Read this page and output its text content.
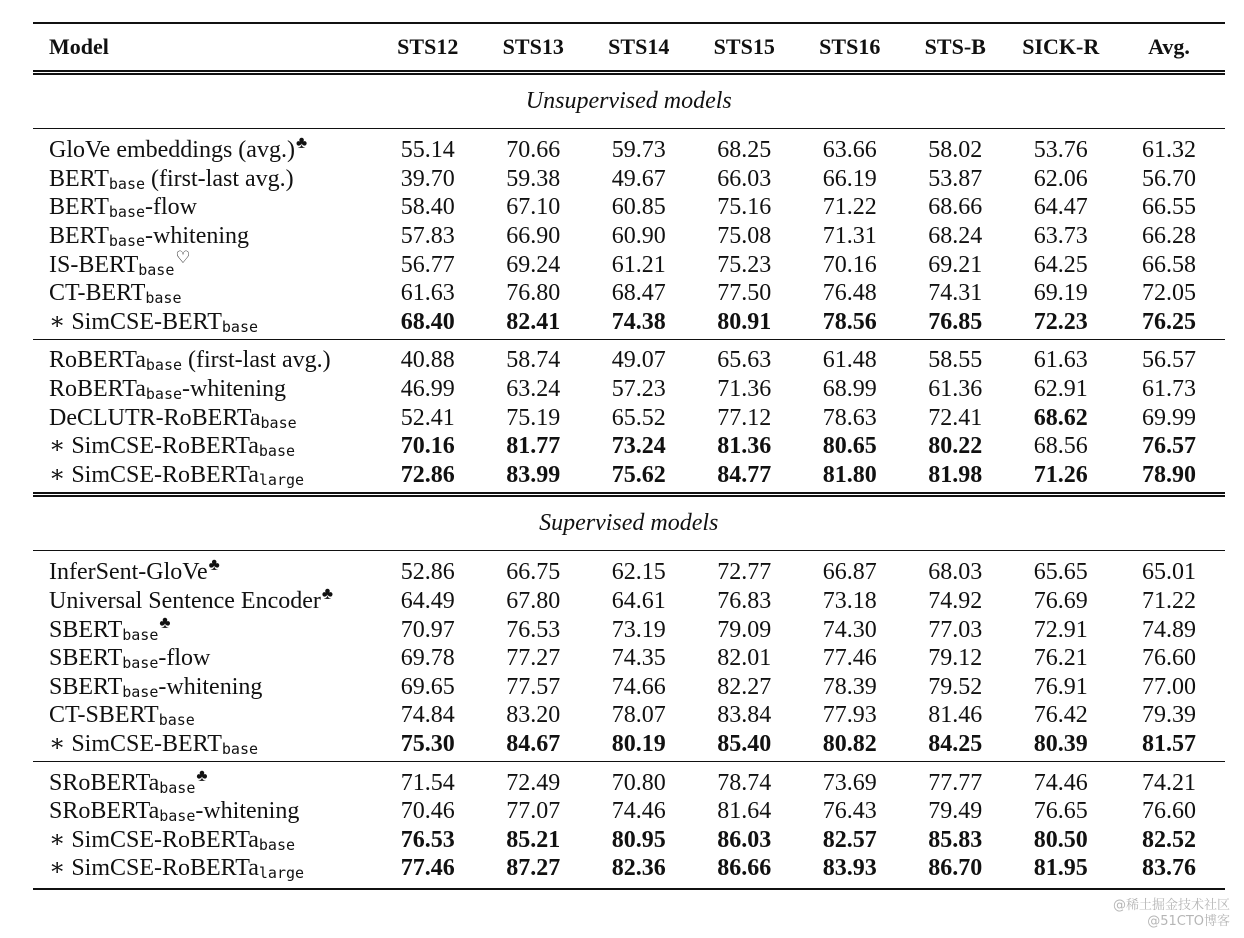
Model	STS12	STS13	STS14	STS15	STS16	STS-B	SICK-R	Avg.
Unsupervised models								
GloVe embeddings (avg.)♣	55.14	70.66	59.73	68.25	63.66	58.02	53.76	61.32
$BERT_{base}$ (first-last avg.)	39.70	59.38	49.67	66.03	66.19	53.87	62.06	56.70
$BERT_{base}$-flow	58.40	67.10	60.85	75.16	71.22	68.66	64.47	66.55
$BERT_{base}$-whitening	57.83	66.90	60.90	75.08	71.31	68.24	63.73	66.28
$IS-BERT_{base}^♡$	56.77	69.24	61.21	75.23	70.16	69.21	64.25	66.58
$CT-BERT_{base}$	61.63	76.80	68.47	77.50	76.48	74.31	69.19	72.05
∗ SimCSE-$BERT_{base}$	68.40	82.41	74.38	80.91	78.56	76.85	72.23	76.25
RoBERTa$_{base}$ (first-last avg.)	40.88	58.74	49.07	65.63	61.48	58.55	61.63	56.57
RoBERTa$_{base}$-whitening	46.99	63.24	57.23	71.36	68.99	61.36	62.91	61.73
DeCLUTR-RoBERTa$_{base}$	52.41	75.19	65.52	77.12	78.63	72.41	68.62	69.99
∗ SimCSE-RoBERTa$_{base}$	70.16	81.77	73.24	81.36	80.65	80.22	68.56	76.57
∗ SimCSE-RoBERTa$_{large}$	72.86	83.99	75.62	84.77	81.80	81.98	71.26	78.90
Supervised models								
InferSent-GloVe♣	52.86	66.75	62.15	72.77	66.87	68.03	65.65	65.01
Universal Sentence Encoder♣	64.49	67.80	64.61	76.83	73.18	74.92	76.69	71.22
$SBERT_{base}^♣$	70.97	76.53	73.19	79.09	74.30	77.03	72.91	74.89
$SBERT_{base}$-flow	69.78	77.27	74.35	82.01	77.46	79.12	76.21	76.60
$SBERT_{base}$-whitening	69.65	77.57	74.66	82.27	78.39	79.52	76.91	77.00
$CT-SBERT_{base}$	74.84	83.20	78.07	83.84	77.93	81.46	76.42	79.39
∗ SimCSE-$BERT_{base}$	75.30	84.67	80.19	85.40	80.82	84.25	80.39	81.57
SRoBERTa$_{base}$♣	71.54	72.49	70.80	78.74	73.69	77.77	74.46	74.21
SRoBERTa$_{base}$-whitening	70.46	77.07	74.46	81.64	76.43	79.49	76.65	76.60
∗ SimCSE-RoBERTa$_{base}$	76.53	85.21	80.95	86.03	82.57	85.83	80.50	82.52
∗ SimCSE-RoBERTa$_{large}$	77.46	87.27	82.36	86.66	83.93	86.70	81.95	83.76
@稀土掘金技术社区
@51CTO博客
